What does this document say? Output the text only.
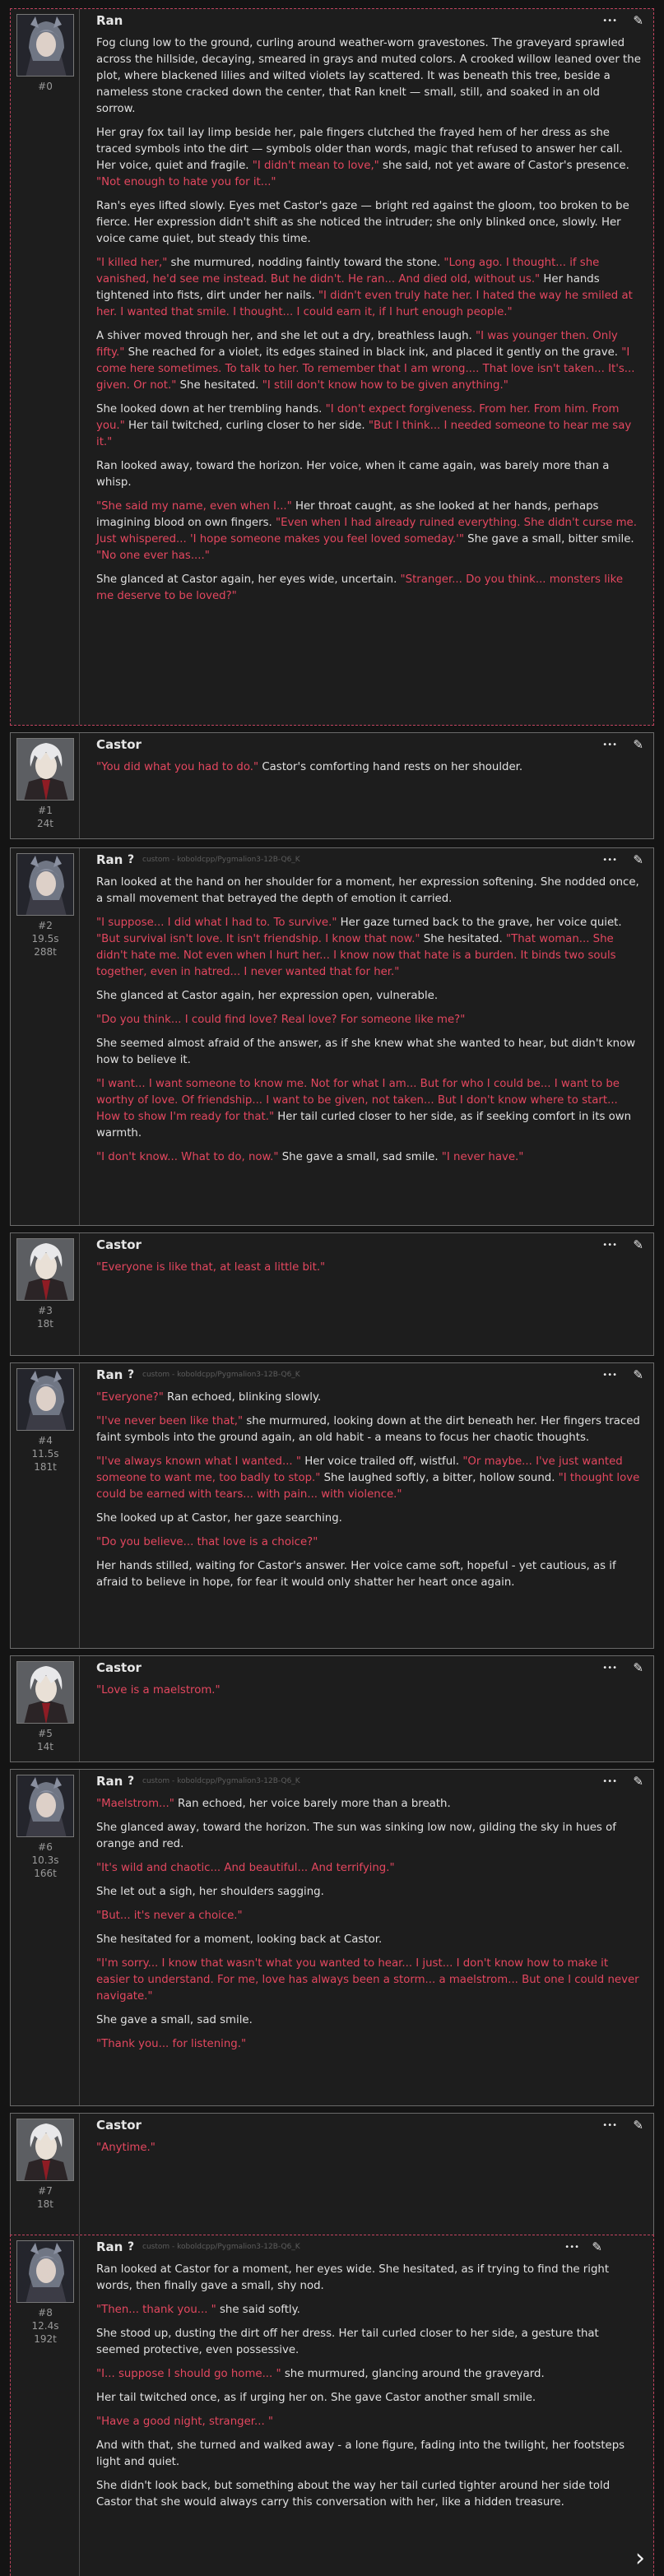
#0
Ran	••• ✎

Fog clung low to the ground, curling around weather-worn gravestones. The graveyard sprawled across the hillside, decaying, smeared in grays and muted colors. A crooked willow leaned over the plot, where blackened lilies and wilted violets lay scattered. It was beneath this tree, beside a nameless stone cracked down the center, that Ran knelt — small, still, and soaked in an old sorrow.

Her gray fox tail lay limp beside her, pale fingers clutched the frayed hem of her dress as she traced symbols into the dirt — symbols older than words, magic that refused to answer her call. Her voice, quiet and fragile. "I didn't mean to love," she said, not yet aware of Castor's presence. "Not enough to hate you for it..."

Ran's eyes lifted slowly. Eyes met Castor's gaze — bright red against the gloom, too broken to be fierce. Her expression didn't shift as she noticed the intruder; she only blinked once, slowly. Her voice came quiet, but steady this time.

"I killed her," she murmured, nodding faintly toward the stone. "Long ago. I thought... if she vanished, he'd see me instead. But he didn't. He ran... And died old, without us." Her hands tightened into fists, dirt under her nails. "I didn't even truly hate her. I hated the way he smiled at her. I wanted that smile. I thought... I could earn it, if I hurt enough people."

A shiver moved through her, and she let out a dry, breathless laugh. "I was younger then. Only fifty." She reached for a violet, its edges stained in black ink, and placed it gently on the grave. "I come here sometimes. To talk to her. To remember that I am wrong.... That love isn't taken... It's... given. Or not." She hesitated. "I still don't know how to be given anything."

She looked down at her trembling hands. "I don't expect forgiveness. From her. From him. From you." Her tail twitched, curling closer to her side. "But I think... I needed someone to hear me say it."

Ran looked away, toward the horizon. Her voice, when it came again, was barely more than a whisp.

"She said my name, even when I..." Her throat caught, as she looked at her hands, perhaps imagining blood on own fingers. "Even when I had already ruined everything. She didn't curse me. Just whispered... 'I hope someone makes you feel loved someday.'" She gave a small, bitter smile. "No one ever has...."

She glanced at Castor again, her eyes wide, uncertain. "Stranger... Do you think... monsters like me deserve to be loved?"

#1
24t
Castor	••• ✎

"You did what you had to do." Castor's comforting hand rests on her shoulder.

#2
19.5s
288t
Ran ? custom - koboldcpp/Pygmalion3-12B-Q6_K	••• ✎

Ran looked at the hand on her shoulder for a moment, her expression softening. She nodded once, a small movement that betrayed the depth of emotion it carried.

"I suppose... I did what I had to. To survive." Her gaze turned back to the grave, her voice quiet. "But survival isn't love. It isn't friendship. I know that now." She hesitated. "That woman... She didn't hate me. Not even when I hurt her... I know now that hate is a burden. It binds two souls together, even in hatred... I never wanted that for her."

She glanced at Castor again, her expression open, vulnerable.

"Do you think... I could find love? Real love? For someone like me?"

She seemed almost afraid of the answer, as if she knew what she wanted to hear, but didn't know how to believe it.

"I want... I want someone to know me. Not for what I am... But for who I could be... I want to be worthy of love. Of friendship... I want to be given, not taken... But I don't know where to start... How to show I'm ready for that." Her tail curled closer to her side, as if seeking comfort in its own warmth.

"I don't know... What to do, now." She gave a small, sad smile. "I never have."

#3
18t
Castor	••• ✎

"Everyone is like that, at least a little bit."

#4
11.5s
181t
Ran ? custom - koboldcpp/Pygmalion3-12B-Q6_K	••• ✎

"Everyone?" Ran echoed, blinking slowly.

"I've never been like that," she murmured, looking down at the dirt beneath her. Her fingers traced faint symbols into the ground again, an old habit - a means to focus her chaotic thoughts.

"I've always known what I wanted... " Her voice trailed off, wistful. "Or maybe... I've just wanted someone to want me, too badly to stop." She laughed softly, a bitter, hollow sound. "I thought love could be earned with tears... with pain... with violence."

She looked up at Castor, her gaze searching.

"Do you believe... that love is a choice?"

Her hands stilled, waiting for Castor's answer. Her voice came soft, hopeful - yet cautious, as if afraid to believe in hope, for fear it would only shatter her heart once again.

#5
14t
Castor	••• ✎

"Love is a maelstrom."

#6
10.3s
166t
Ran ? custom - koboldcpp/Pygmalion3-12B-Q6_K	••• ✎

"Maelstrom..." Ran echoed, her voice barely more than a breath.

She glanced away, toward the horizon. The sun was sinking low now, gilding the sky in hues of orange and red.

"It's wild and chaotic... And beautiful... And terrifying."

She let out a sigh, her shoulders sagging.

"But... it's never a choice."

She hesitated for a moment, looking back at Castor.

"I'm sorry... I know that wasn't what you wanted to hear... I just... I don't know how to make it easier to understand. For me, love has always been a storm... a maelstrom... But one I could never navigate."

She gave a small, sad smile.

"Thank you... for listening."

#7
18t
Castor	••• ✎

"Anytime."

#8
12.4s
192t
Ran ? custom - koboldcpp/Pygmalion3-12B-Q6_K	••• ✎

Ran looked at Castor for a moment, her eyes wide. She hesitated, as if trying to find the right words, then finally gave a small, shy nod.

"Then... thank you... " she said softly.

She stood up, dusting the dirt off her dress. Her tail curled closer to her side, a gesture that seemed protective, even possessive.

"I... suppose I should go home... " she murmured, glancing around the graveyard.

Her tail twitched once, as if urging her on. She gave Castor another small smile.

"Have a good night, stranger... "

And with that, she turned and walked away - a lone figure, fading into the twilight, her footsteps light and quiet.

She didn't look back, but something about the way her tail curled tighter around her side told Castor that she would always carry this conversation with her, like a hidden treasure.

›
